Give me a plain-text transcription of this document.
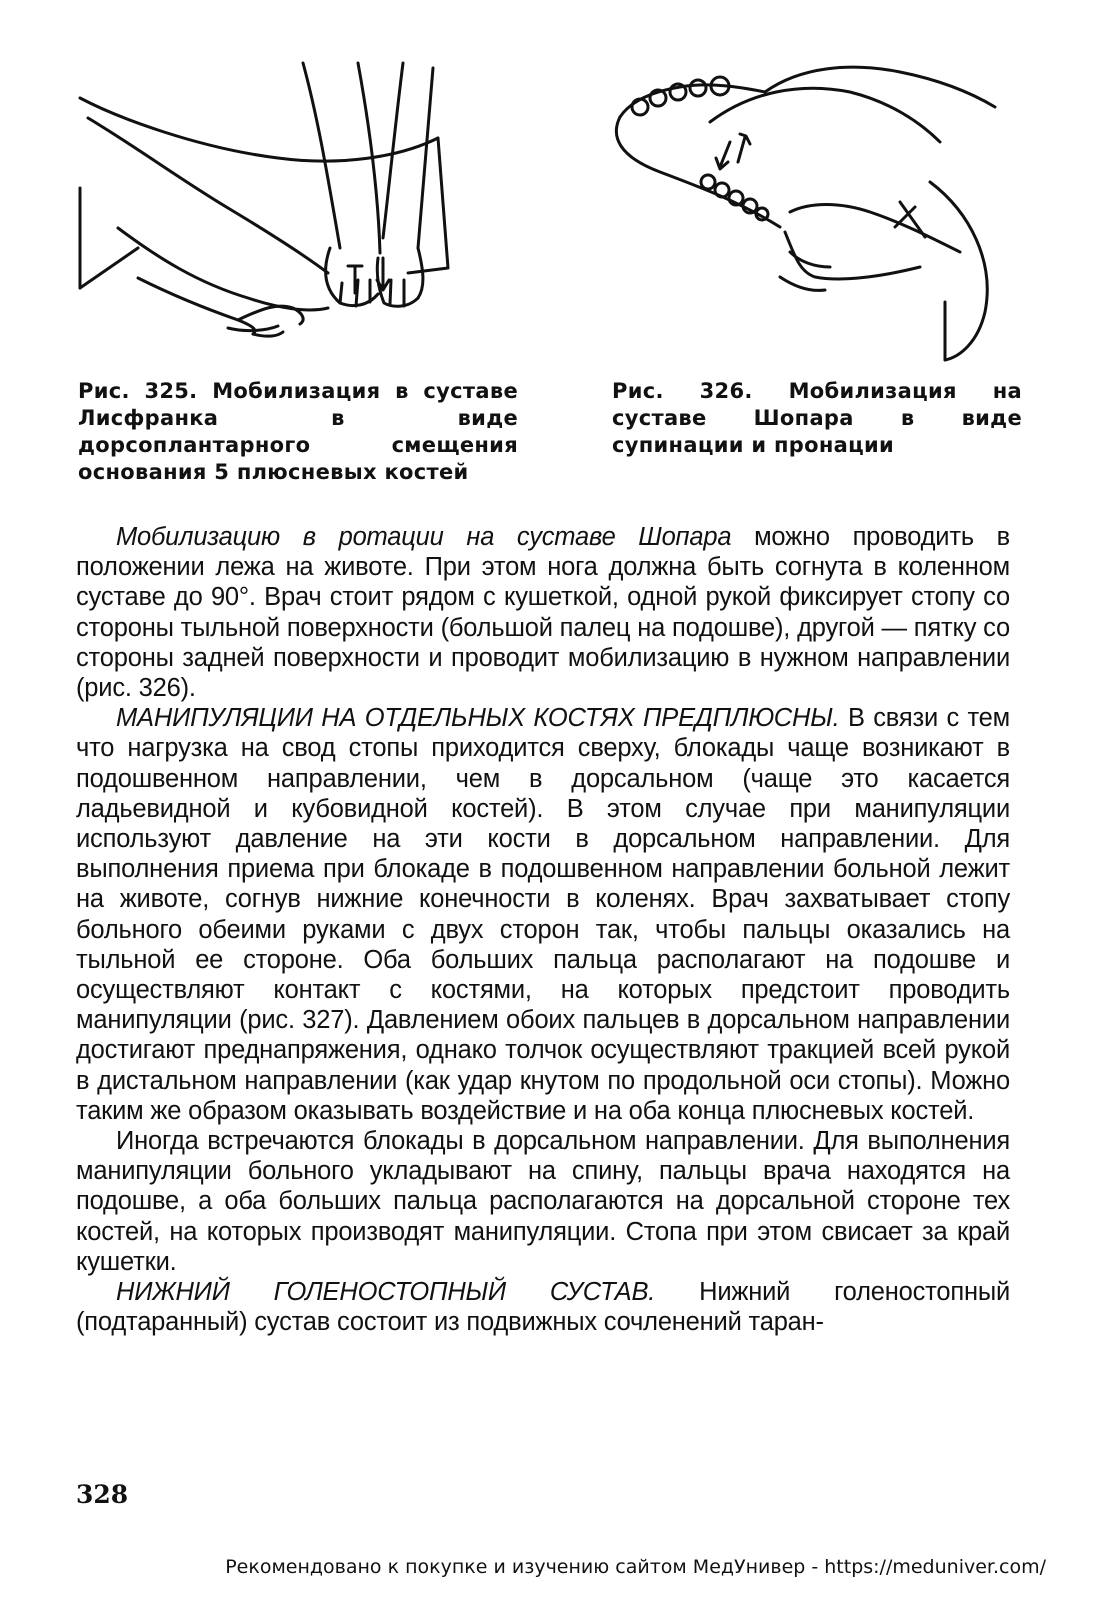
Рис. 325. Мобилизация в суставе Лисфранка в виде дорсоплантарного смещения основания 5 плюсневых костей

Рис. 326. Мобилизация на суставе Шопара в виде супинации и пронации

Мобилизацию в ротации на суставе Шопара можно проводить в положении лежа на животе. При этом нога должна быть согнута в коленном суставе до 90°. Врач стоит рядом с кушеткой, одной рукой фиксирует стопу со стороны тыльной поверхности (большой палец на подошве), другой — пятку со стороны задней поверхности и проводит мобилизацию в нужном направлении (рис. 326).

МАНИПУЛЯЦИИ НА ОТДЕЛЬНЫХ КОСТЯХ ПРЕДПЛЮСНЫ. В связи с тем что нагрузка на свод стопы приходится сверху, блокады чаще возникают в подошвенном направлении, чем в дорсальном (чаще это касается ладьевидной и кубовидной костей). В этом случае при манипуляции используют давление на эти кости в дорсальном направлении. Для выполнения приема при блокаде в подошвенном направлении больной лежит на животе, согнув нижние конечности в коленях. Врач захватывает стопу больного обеими руками с двух сторон так, чтобы пальцы оказались на тыльной ее стороне. Оба больших пальца располагают на подошве и осуществляют контакт с костями, на которых предстоит проводить манипуляции (рис. 327). Давлением обоих пальцев в дорсальном направлении достигают преднапряжения, однако толчок осуществляют тракцией всей рукой в дистальном направлении (как удар кнутом по продольной оси стопы). Можно таким же образом оказывать воздействие и на оба конца плюсневых костей.

Иногда встречаются блокады в дорсальном направлении. Для выполнения манипуляции больного укладывают на спину, пальцы врача находятся на подошве, а оба больших пальца располагаются на дорсальной стороне тех костей, на которых производят манипуляции. Стопа при этом свисает за край кушетки.

НИЖНИЙ ГОЛЕНОСТОПНЫЙ СУСТАВ. Нижний голеностопный (подтаранный) сустав состоит из подвижных сочленений таран-

328

Рекомендовано к покупке и изучению сайтом МедУнивер - https://meduniver.com/
